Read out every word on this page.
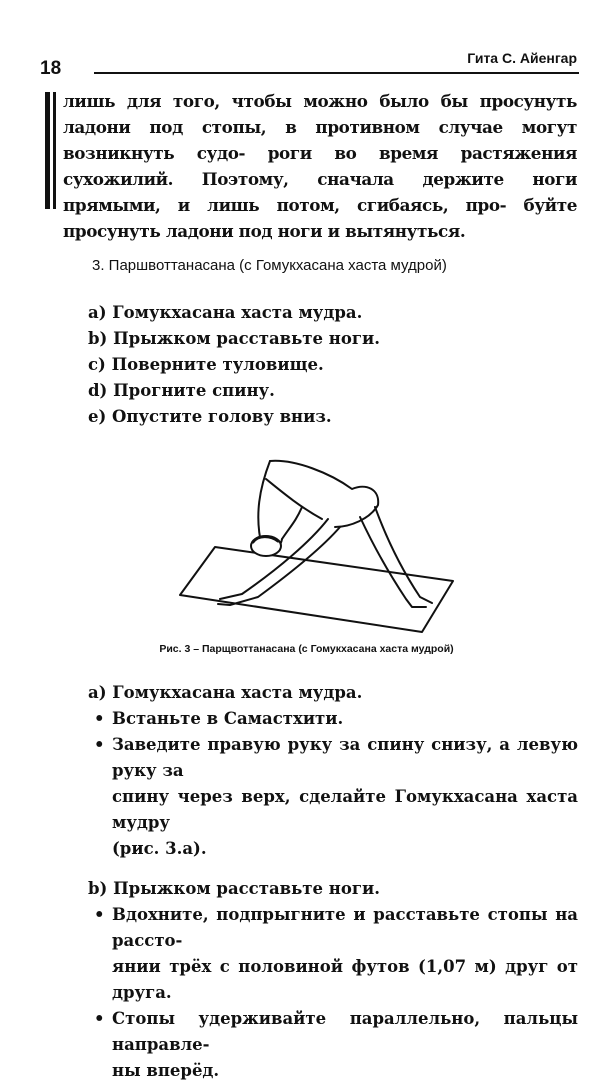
18	Гита С. Айенгар

лишь для того, чтобы можно было бы просунуть ладони под стопы, в противном случае могут возникнуть судо- роги во время растяжения сухожилий. Поэтому, сначала держите ноги прямыми, и лишь потом, сгибаясь, про- буйте просунуть ладони под ноги и вытянуться.

3. Паршвоттанасана (с Гомукхасана хаста мудрой)
a) Гомукхасана хаста мудра.
b) Прыжком расставьте ноги.
c) Поверните туловище.
d) Прогните спину.
e) Опустите голову вниз.
Рис. 3 – Парщвоттанасана (с Гомукхасана хаста мудрой)

a) Гомукхасана хаста мудра.

• Встаньте в Самастхити.
• Заведите правую руку за спину снизу, а левую руку за
спину через верх, сделайте Гомукхасана хаста мудру
(рис. 3.а).

b) Прыжком расставьте ноги.

• Вдохните, подпрыгните и расставьте стопы на рассто-
янии трёх с половиной футов (1,07 м) друг от друга.
• Стопы удерживайте параллельно, пальцы направле-
ны вперёд.
